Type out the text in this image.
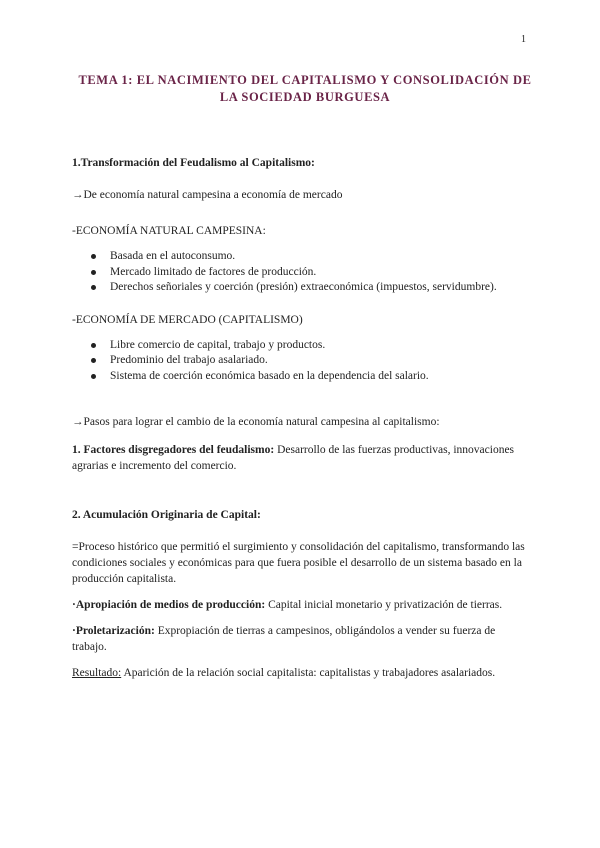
1
TEMA 1: EL NACIMIENTO DEL CAPITALISMO Y CONSOLIDACIÓN DE
LA SOCIEDAD BURGUESA

1.Transformación del Feudalismo al Capitalismo:

→De economía natural campesina a economía de mercado

-ECONOMÍA NATURAL CAMPESINA:

Basada en el autoconsumo.
Mercado limitado de factores de producción.
Derechos señoriales y coerción (presión) extraeconómica (impuestos, servidumbre).

-ECONOMÍA DE MERCADO (CAPITALISMO)

Libre comercio de capital, trabajo y productos.
Predominio del trabajo asalariado.
Sistema de coerción económica basado en la dependencia del salario.

→Pasos para lograr el cambio de la economía natural campesina al capitalismo:

1. Factores disgregadores del feudalismo: Desarrollo de las fuerzas productivas, innovaciones agrarias e incremento del comercio.

2. Acumulación Originaria de Capital:

=Proceso histórico que permitió el surgimiento y consolidación del capitalismo, transformando las condiciones sociales y económicas para que fuera posible el desarrollo de un sistema basado en la producción capitalista.

·Apropiación de medios de producción: Capital inicial monetario y privatización de tierras.

·Proletarización: Expropiación de tierras a campesinos, obligándolos a vender su fuerza de trabajo.

Resultado: Aparición de la relación social capitalista: capitalistas y trabajadores asalariados.
